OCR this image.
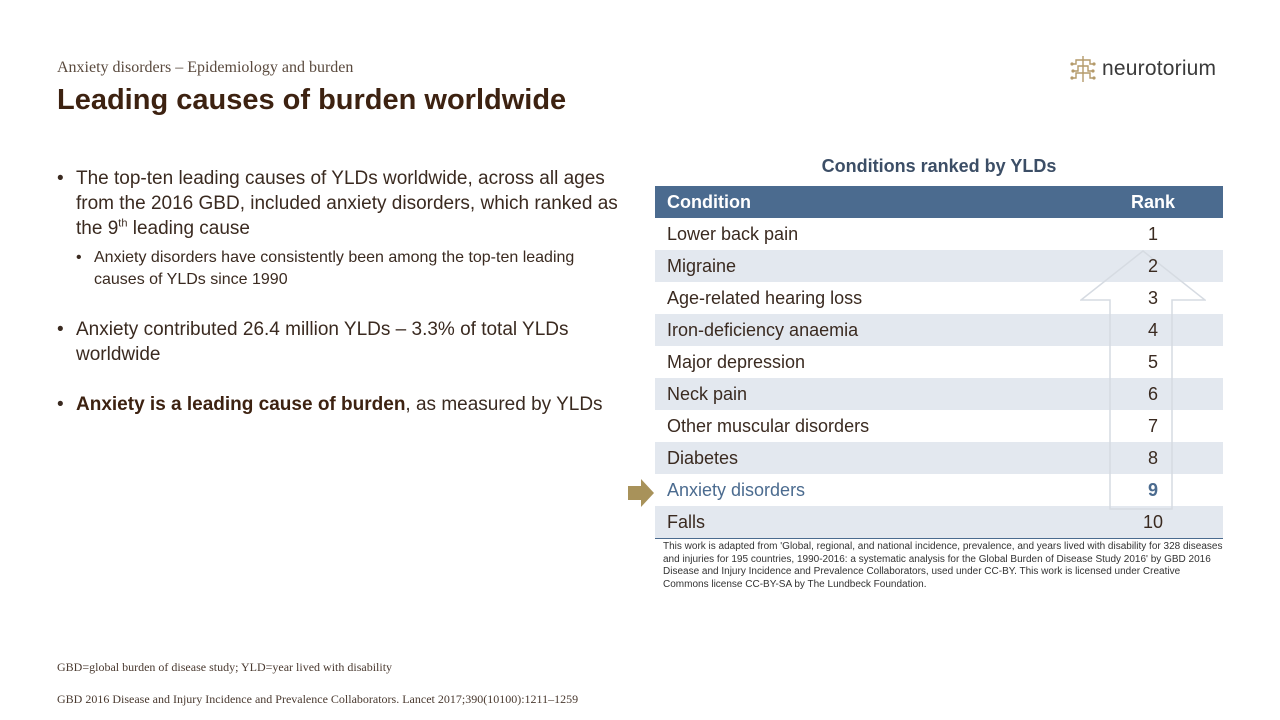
Anxiety disorders – Epidemiology and burden
Leading causes of burden worldwide
neurotorium
• The top-ten leading causes of YLDs worldwide, across all ages from the 2016 GBD, included anxiety disorders, which ranked as the 9th leading cause
• Anxiety disorders have consistently been among the top-ten leading causes of YLDs since 1990
• Anxiety contributed 26.4 million YLDs – 3.3% of total YLDs worldwide
• Anxiety is a leading cause of burden, as measured by YLDs
Conditions ranked by YLDs
Condition	Rank
Lower back pain	1
Migraine	2
Age-related hearing loss	3
Iron-deficiency anaemia	4
Major depression	5
Neck pain	6
Other muscular disorders	7
Diabetes	8
Anxiety disorders	9
Falls	10
This work is adapted from 'Global, regional, and national incidence, prevalence, and years lived with disability for 328 diseases and injuries for 195 countries, 1990-2016: a systematic analysis for the Global Burden of Disease Study 2016' by GBD 2016 Disease and Injury Incidence and Prevalence Collaborators, used under CC-BY. This work is licensed under Creative Commons license CC-BY-SA by The Lundbeck Foundation.
GBD=global burden of disease study; YLD=year lived with disability
GBD 2016 Disease and Injury Incidence and Prevalence Collaborators. Lancet 2017;390(10100):1211–1259
